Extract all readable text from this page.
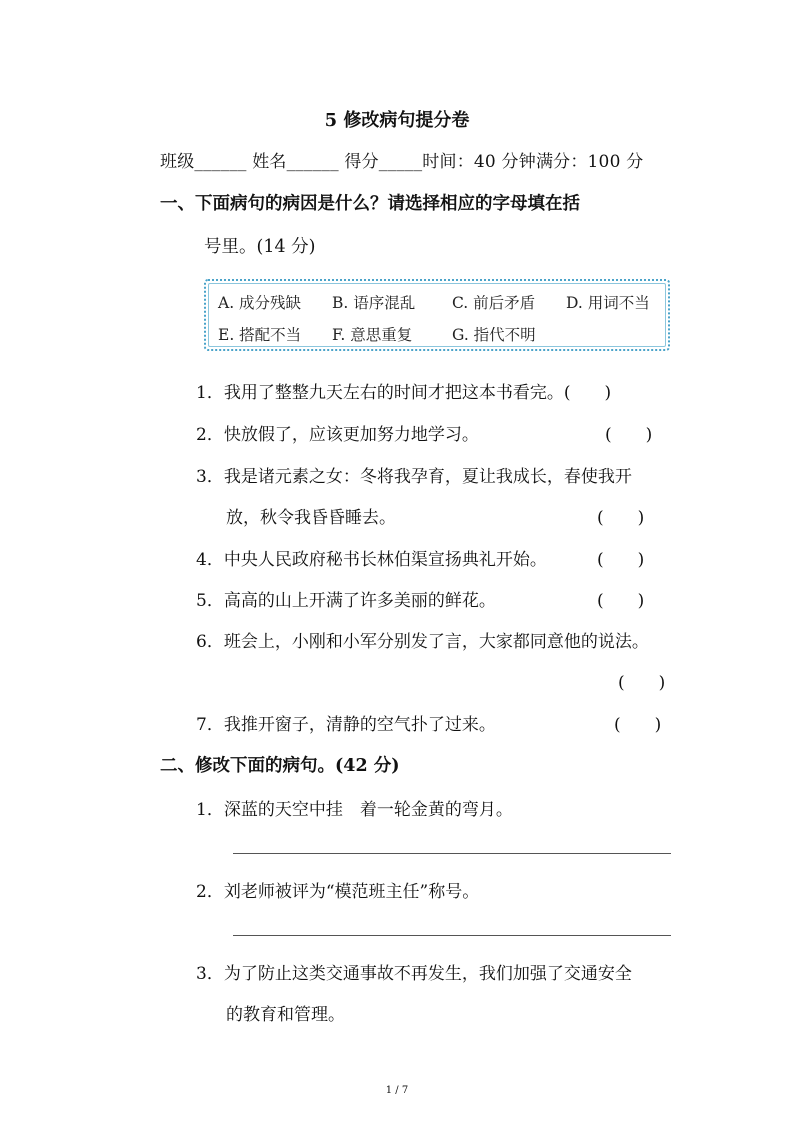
5 修改病句提分卷
班级______ 姓名______ 得分_____时间：40 分钟满分：100 分
一、下面病句的病因是什么？请选择相应的字母填在括
号里。(14 分)
A. 成分残缺 B. 语序混乱 C. 前后矛盾 D. 用词不当
E. 搭配不当 F. 意思重复	G. 指代不明
1．我用了整整九天左右的时间才把这本书看完。(　　)
2．快放假了，应该更加努力地学习。	(　　)
3．我是诸元素之女：冬将我孕育，夏让我成长，春使我开
放，秋令我昏昏睡去。	(　　)
4．中央人民政府秘书长林伯渠宣扬典礼开始。	(　　)
5．高高的山上开满了许多美丽的鲜花。	(　　)
6．班会上，小刚和小军分别发了言，大家都同意他的说法。
(　　)
7．我推开窗子，清静的空气扑了过来。	(　　)
二、修改下面的病句。(42 分)
1．深蓝的天空中挂　着一轮金黄的弯月。
2．刘老师被评为“模范班主任”称号。
3．为了防止这类交通事故不再发生，我们加强了交通安全
的教育和管理。
1 / 7
